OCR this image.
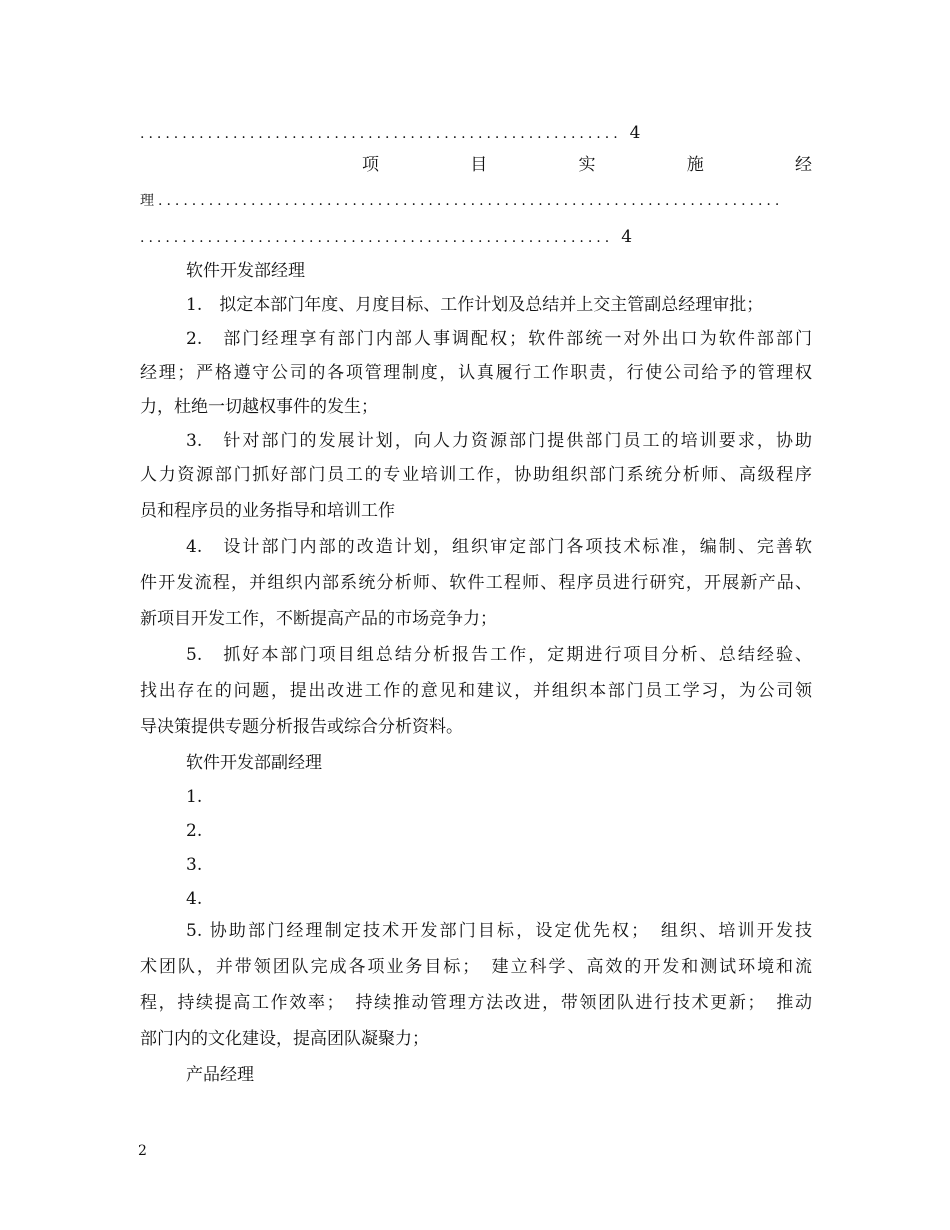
......................................................... 4
项	目	实	施	经
理..........................................................................
........................................................ 4
软件开发部经理
1.　拟定本部门年度、月度目标、工作计划及总结并上交主管副总经理审批；
2.　部门经理享有部门内部人事调配权；软件部统一对外出口为软件部部门
经理；严格遵守公司的各项管理制度，认真履行工作职责，行使公司给予的管理权
力，杜绝一切越权事件的发生；
3.　针对部门的发展计划，向人力资源部门提供部门员工的培训要求，协助
人力资源部门抓好部门员工的专业培训工作，协助组织部门系统分析师、高级程序
员和程序员的业务指导和培训工作
4.　设计部门内部的改造计划，组织审定部门各项技术标准，编制、完善软
件开发流程，并组织内部系统分析师、软件工程师、程序员进行研究，开展新产品、
新项目开发工作，不断提高产品的市场竞争力；
5.　抓好本部门项目组总结分析报告工作，定期进行项目分析、总结经验、
找出存在的问题，提出改进工作的意见和建议，并组织本部门员工学习，为公司领
导决策提供专题分析报告或综合分析资料。
软件开发部副经理
1.
2.
3.
4.
5. 协助部门经理制定技术开发部门目标，设定优先权；　组织、培训开发技
术团队，并带领团队完成各项业务目标；　建立科学、高效的开发和测试环境和流
程，持续提高工作效率；　持续推动管理方法改进，带领团队进行技术更新；　推动
部门内的文化建设，提高团队凝聚力；
产品经理
2
